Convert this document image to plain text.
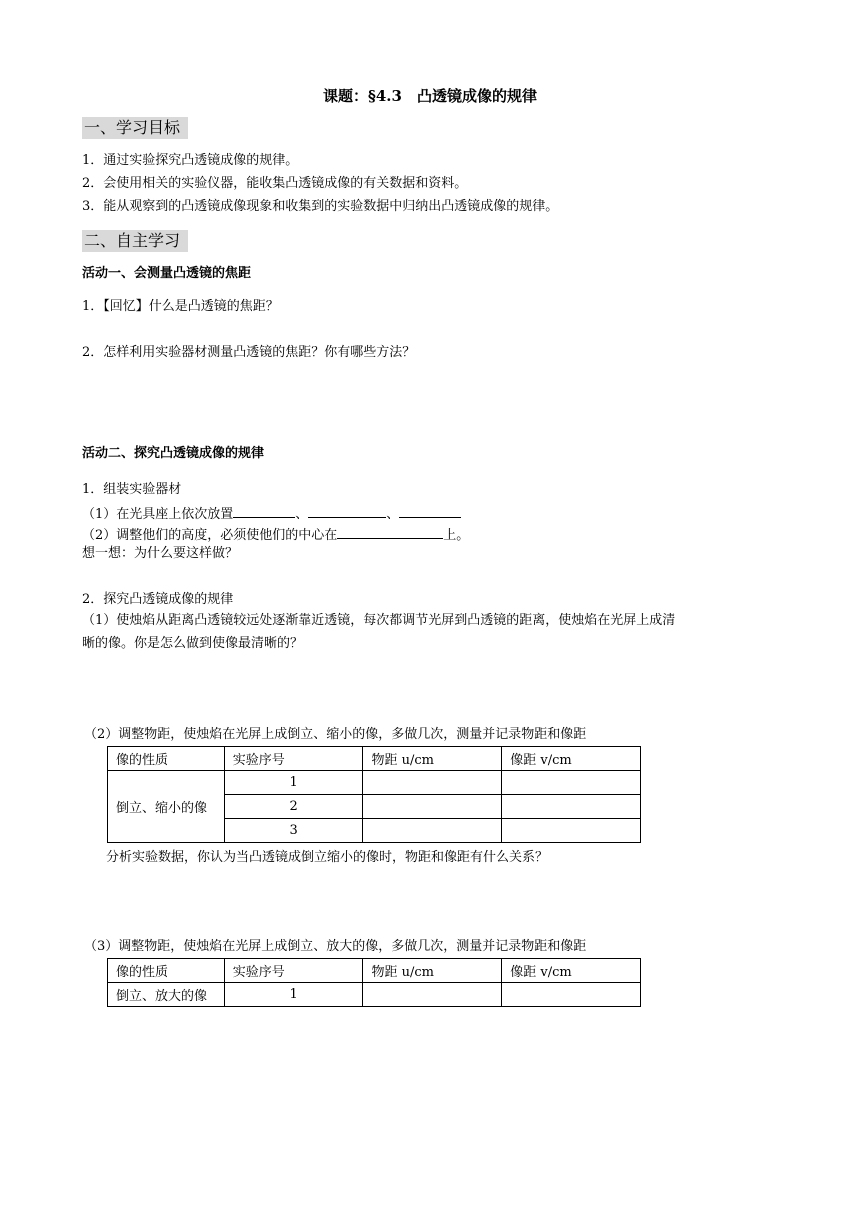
课题：§4.3　凸透镜成像的规律
一、学习目标
1．通过实验探究凸透镜成像的规律。
2．会使用相关的实验仪器，能收集凸透镜成像的有关数据和资料。
3．能从观察到的凸透镜成像现象和收集到的实验数据中归纳出凸透镜成像的规律。
二、自主学习
活动一、会测量凸透镜的焦距
1．【回忆】什么是凸透镜的焦距？
2．怎样利用实验器材测量凸透镜的焦距？你有哪些方法？
活动二、探究凸透镜成像的规律
1．组装实验器材
（1）在光具座上依次放置	、	、
（2）调整他们的高度，必须使他们的中心在	上。
想一想：为什么要这样做？
2．探究凸透镜成像的规律
（1）使烛焰从距离凸透镜较远处逐渐靠近透镜，每次都调节光屏到凸透镜的距离，使烛焰在光屏上成清
晰的像。你是怎么做到使像最清晰的？
（2）调整物距，使烛焰在光屏上成倒立、缩小的像，多做几次，测量并记录物距和像距
像的性质	实验序号	物距 u/cm	像距 v/cm
倒立、缩小的像	1		
	2		
	3		
分析实验数据，你认为当凸透镜成倒立缩小的像时，物距和像距有什么关系？
（3）调整物距，使烛焰在光屏上成倒立、放大的像，多做几次，测量并记录物距和像距
像的性质	实验序号	物距 u/cm	像距 v/cm
倒立、放大的像	1		
